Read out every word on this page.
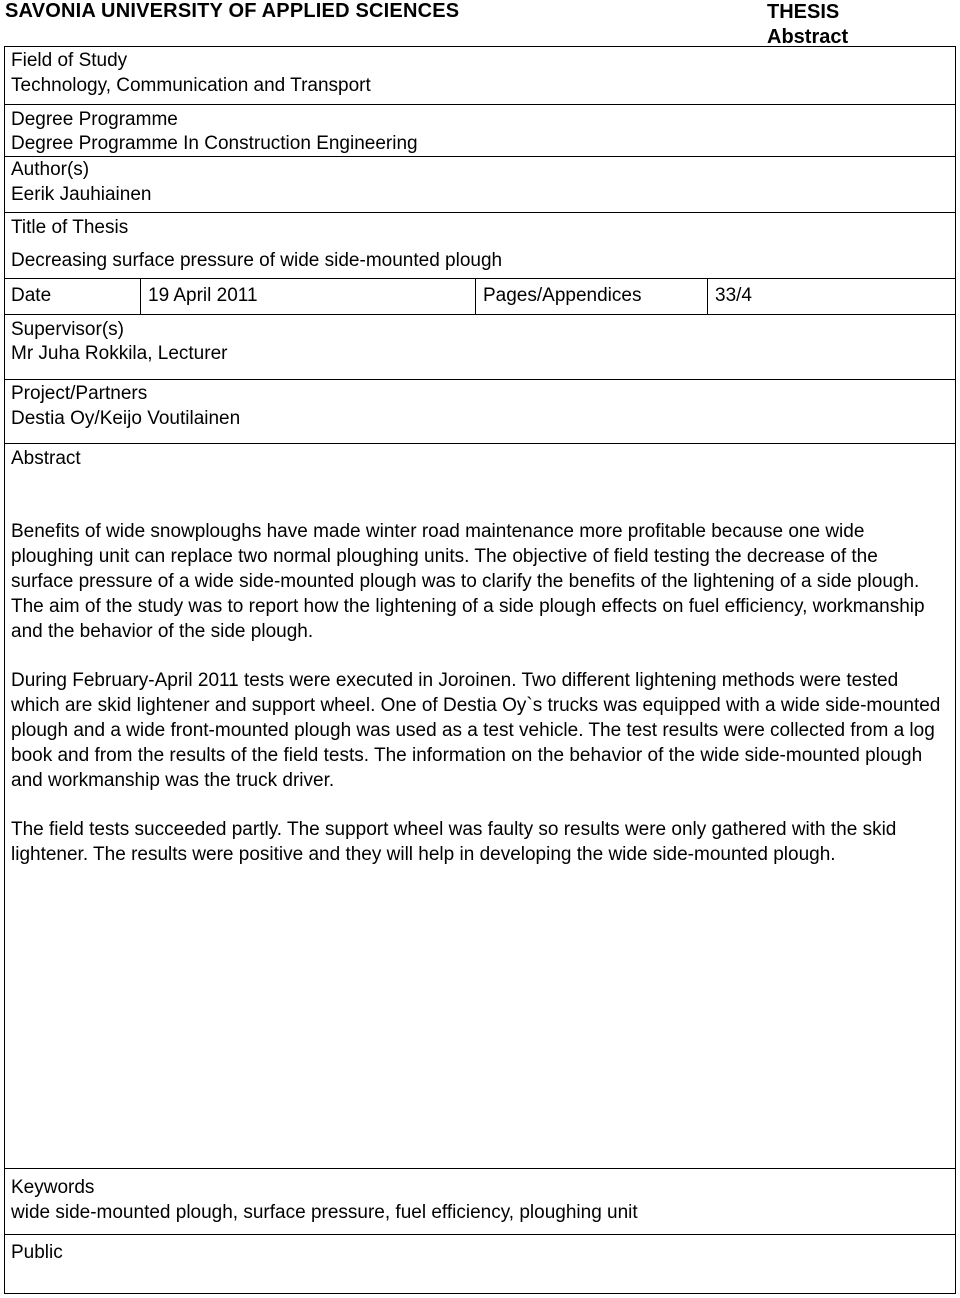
SAVONIA UNIVERSITY OF APPLIED SCIENCES	THESIS
Abstract
Field of Study
Technology, Communication and Transport
Degree Programme
Degree Programme In Construction Engineering
Author(s)
Eerik Jauhiainen
Title of Thesis
Decreasing surface pressure of wide side-mounted plough
Date	19 April 2011	Pages/Appendices	33/4
Supervisor(s)
Mr Juha Rokkila, Lecturer
Project/Partners
Destia Oy/Keijo Voutilainen
Abstract
Benefits of wide snowploughs have made winter road maintenance more profitable because one wide ploughing unit can replace two normal ploughing units. The objective of field testing the decrease of the surface pressure of a wide side-mounted plough was to clarify the benefits of the lightening of a side plough. The aim of the study was to report how the lightening of a side plough effects on fuel efficiency, workmanship and the behavior of the side plough.
During February-April 2011 tests were executed in Joroinen. Two different lightening methods were tested which are skid lightener and support wheel. One of Destia Oy`s trucks was equipped with a wide side-mounted plough and a wide front-mounted plough was used as a test vehicle. The test results were collected from a log book and from the results of the field tests. The information on the behavior of the wide side-mounted plough and workmanship was the truck driver.
The field tests succeeded partly. The support wheel was faulty so results were only gathered with the skid lightener. The results were positive and they will help in developing the wide side-mounted plough.
Keywords
wide side-mounted plough, surface pressure, fuel efficiency, ploughing unit
Public
